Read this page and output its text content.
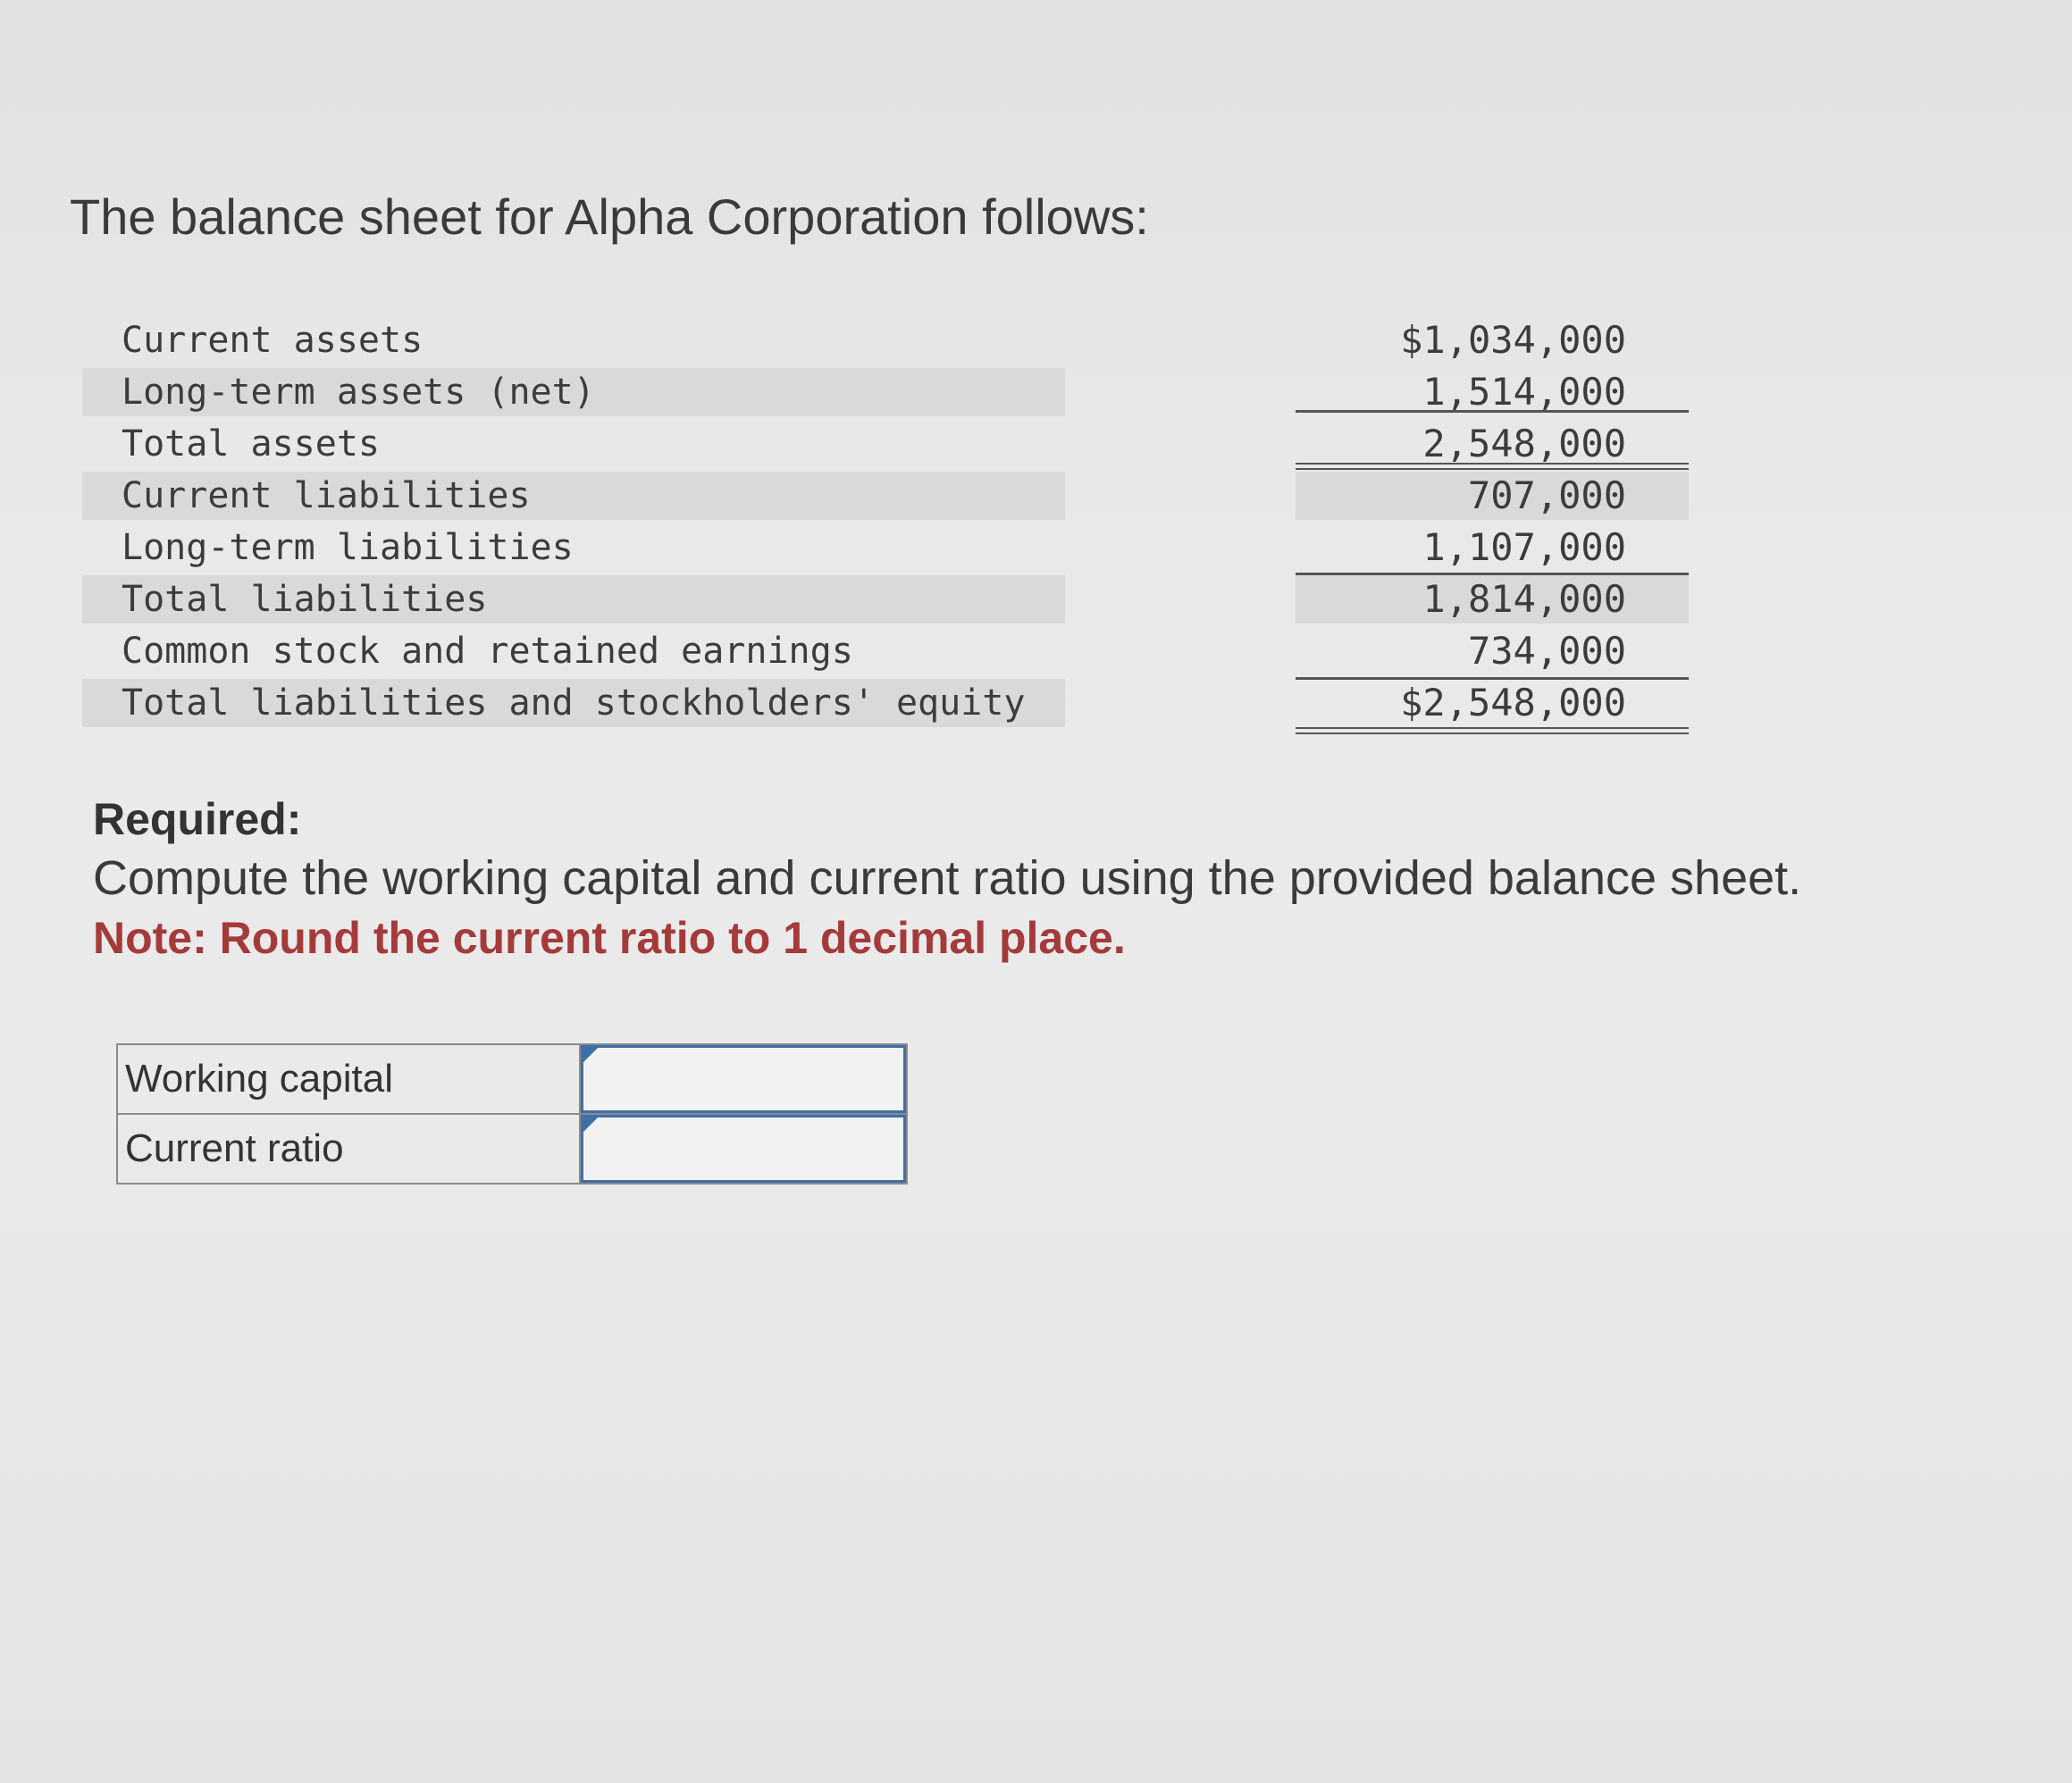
The balance sheet for Alpha Corporation follows:
Current assets	$1,034,000
Long-term assets (net)	1,514,000
Total assets	2,548,000
Current liabilities	707,000
Long-term liabilities	1,107,000
Total liabilities	1,814,000
Common stock and retained earnings	734,000
Total liabilities and stockholders' equity	$2,548,000

Required:

Compute the working capital and current ratio using the provided balance sheet.

Note: Round the current ratio to 1 decimal place.

Working capital	

Current ratio	
